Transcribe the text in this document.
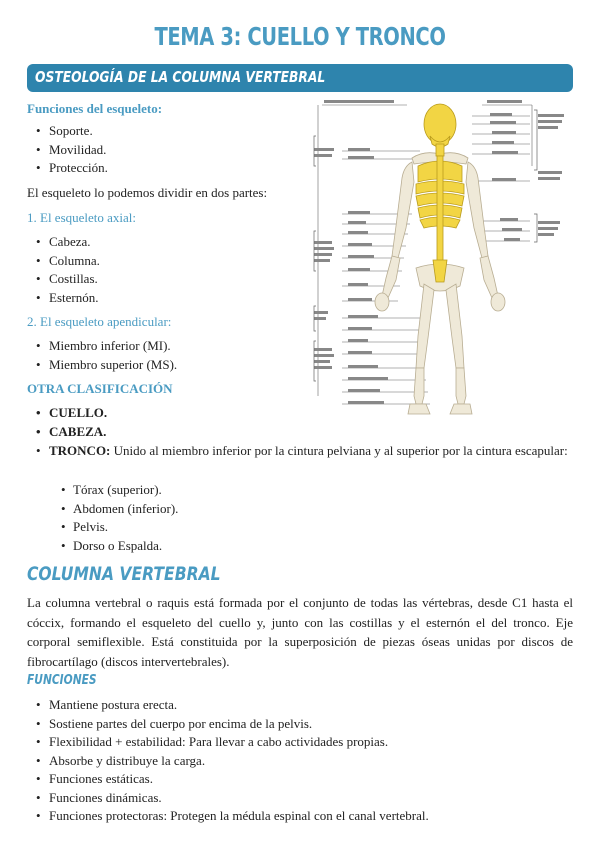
TEMA 3: CUELLO Y TRONCO
OSTEOLOGÍA DE LA COLUMNA VERTEBRAL
Funciones del esqueleto:
• Soporte.
• Movilidad.
• Protección.
El esqueleto lo podemos dividir en dos partes:
1. El esqueleto axial:
• Cabeza.
• Columna.
• Costillas.
• Esternón.
2. El esqueleto apendicular:
• Miembro inferior (MI).
• Miembro superior (MS).
OTRA CLASIFICACIÓN
• CUELLO.
• CABEZA.
• TRONCO: Unido al miembro inferior por la cintura pelviana y al superior por la cintura escapular:
• Tórax (superior).
• Abdomen (inferior).
• Pelvis.
• Dorso o Espalda.
COLUMNA VERTEBRAL
La columna vertebral o raquis está formada por el conjunto de todas las vértebras, desde C1 hasta el cóccix, formando el esqueleto del cuello y, junto con las costillas y el esternón el del tronco. Eje corporal semiflexible. Está constituida por la superposición de piezas óseas unidas por discos de fibrocartílago (discos intervertebrales).
FUNCIONES
• Mantiene postura erecta.
• Sostiene partes del cuerpo por encima de la pelvis.
• Flexibilidad + estabilidad: Para llevar a cabo actividades propias.
• Absorbe y distribuye la carga.
• Funciones estáticas.
• Funciones dinámicas.
• Funciones protectoras: Protegen la médula espinal con el canal vertebral.
